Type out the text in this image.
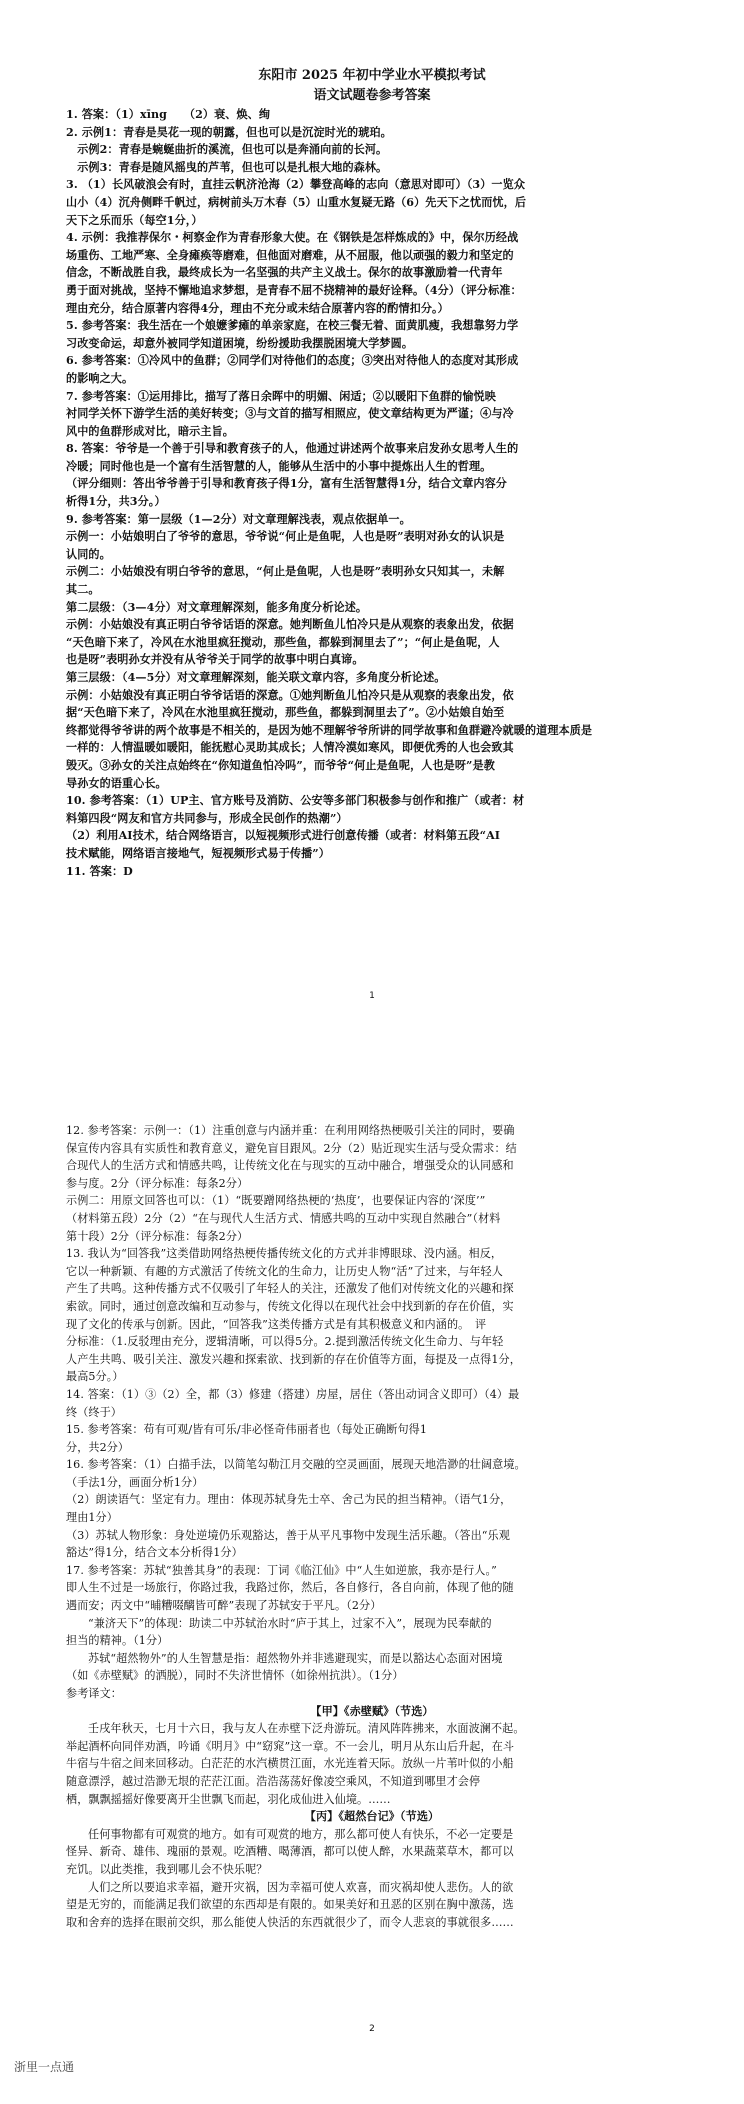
东阳市 2025 年初中学业水平模拟考试

语文试题卷参考答案

1. 答案：（1）xīng　　（2）衰、焕、绚

2. 示例1：青春是昊花一现的朝露，但也可以是沉淀时光的琥珀。

　示例2：青春是蜿蜒曲折的溪流，但也可以是奔涌向前的长河。

　示例3：青春是随风摇曳的芦苇，但也可以是扎根大地的森林。

3. （1）长风破浪会有时，直挂云帆济沧海（2）攀登高峰的志向（意思对即可）（3）一览众

山小（4）沉舟侧畔千帆过，病树前头万木春（5）山重水复疑无路（6）先天下之忧而忧，后

天下之乐而乐（每空1分，）

4. 示例：我推荐保尔・柯察金作为青春形象大使。在《钢铁是怎样炼成的》中，保尔历经战

场重伤、工地严寒、全身瘫痪等磨难，但他面对磨难，从不屈服，他以顽强的毅力和坚定的

信念，不断战胜自我，最终成长为一名坚强的共产主义战士。保尔的故事激励着一代青年

勇于面对挑战，坚持不懈地追求梦想，是青春不屈不挠精神的最好诠释。（4分）（评分标准：

理由充分，结合原著内容得4分，理由不充分或未结合原著内容的酌情扣分。）

5. 参考答案：我生活在一个娘嬷爹瘫的单亲家庭，在校三餐无着、面黄肌瘦，我想靠努力学

习改变命运，却意外被同学知道困境，纷纷援助我摆脱困境大学梦圆。

6. 参考答案：①冷风中的鱼群；②同学们对待他们的态度；③突出对待他人的态度对其形成

的影响之大。

7. 参考答案：①运用排比，描写了落日余晖中的明媚、闲适；②以暖阳下鱼群的愉悦映

衬同学关怀下游学生活的美好转变；③与文首的描写相照应，使文章结构更为严谨；④与冷

风中的鱼群形成对比，暗示主旨。

8. 答案：爷爷是一个善于引导和教育孩子的人，他通过讲述两个故事来启发孙女思考人生的

冷暖；同时他也是一个富有生活智慧的人，能够从生活中的小事中提炼出人生的哲理。

（评分细则：答出爷爷善于引导和教育孩子得1分，富有生活智慧得1分，结合文章内容分

析得1分，共3分。）

9. 参考答案：第一层级（1—2分）对文章理解浅表，观点依据单一。

示例一：小姑娘明白了爷爷的意思，爷爷说“何止是鱼呢，人也是呀”表明对孙女的认识是

认同的。

示例二：小姑娘没有明白爷爷的意思，“何止是鱼呢，人也是呀”表明孙女只知其一，未解

其二。

第二层级：（3—4分）对文章理解深刻，能多角度分析论述。

示例：小姑娘没有真正明白爷爷话语的深意。她判断鱼儿怕冷只是从观察的表象出发，依据

“天色暗下来了，冷风在水池里疯狂搅动，那些鱼，都躲到洞里去了”；“何止是鱼呢，人

也是呀”表明孙女并没有从爷爷关于同学的故事中明白真谛。

第三层级：（4—5分）对文章理解深刻，能关联文章内容，多角度分析论述。

示例：小姑娘没有真正明白爷爷话语的深意。①她判断鱼儿怕冷只是从观察的表象出发，依

据“天色暗下来了，冷风在水池里疯狂搅动，那些鱼，都躲到洞里去了”。②小姑娘自始至

终都觉得爷爷讲的两个故事是不相关的，是因为她不理解爷爷所讲的同学故事和鱼群避冷就暖的道理本质是

一样的：人情温暖如暖阳，能抚慰心灵助其成长；人情冷漠如寒风，即便优秀的人也会致其

毁灭。③孙女的关注点始终在“你知道鱼怕冷吗”，而爷爷“何止是鱼呢，人也是呀”是教

导孙女的语重心长。

10. 参考答案：（1）UP主、官方账号及消防、公安等多部门积极参与创作和推广（或者：材

料第四段“网友和官方共同参与，形成全民创作的热潮”）

（2）利用AI技术，结合网络语言，以短视频形式进行创意传播（或者：材料第五段“AI

技术赋能，网络语言接地气，短视频形式易于传播”）

11. 答案：D

1

12. 参考答案：示例一：（1）注重创意与内涵并重：在利用网络热梗吸引关注的同时，要确

保宣传内容具有实质性和教育意义，避免盲目跟风。2分（2）贴近现实生活与受众需求：结

合现代人的生活方式和情感共鸣，让传统文化在与现实的互动中融合，增强受众的认同感和

参与度。2分（评分标准：每条2分）

示例二：用原文回答也可以：（1）“既要蹭网络热梗的‘热度’，也要保证内容的‘深度’”

（材料第五段）2分（2）“在与现代人生活方式、情感共鸣的互动中实现自然融合”（材料

第十段）2分（评分标准：每条2分）

13. 我认为“回答我”这类借助网络热梗传播传统文化的方式并非博眼球、没内涵。相反，

它以一种新颖、有趣的方式激活了传统文化的生命力，让历史人物“活”了过来，与年轻人

产生了共鸣。这种传播方式不仅吸引了年轻人的关注，还激发了他们对传统文化的兴趣和探

索欲。同时，通过创意改编和互动参与，传统文化得以在现代社会中找到新的存在价值，实

现了文化的传承与创新。因此，“回答我”这类传播方式是有其积极意义和内涵的。　评

分标准：（1.反驳理由充分，逻辑清晰，可以得5分。2.提到激活传统文化生命力、与年轻

人产生共鸣、吸引关注、激发兴趣和探索欲、找到新的存在价值等方面，每提及一点得1分，

最高5分。）

14. 答案：（1）③（2）全，都（3）修建（搭建）房屋，居住（答出动词含义即可）（4）最

终（终于）

15. 参考答案：苟有可观/皆有可乐/非必怪奇伟丽者也（每处正确断句得1

分，共2分）

16. 参考答案：（1）白描手法，以简笔勾勒江月交融的空灵画面，展现天地浩渺的壮阔意境。

（手法1分，画面分析1分）

（2）朗读语气：坚定有力。理由：体现苏轼身先士卒、舍己为民的担当精神。（语气1分，

理由1分）

（3）苏轼人物形象：身处逆境仍乐观豁达，善于从平凡事物中发现生活乐趣。（答出“乐观

豁达”得1分，结合文本分析得1分）

17. 参考答案：苏轼“独善其身”的表现：丁词《临江仙》中“人生如逆旅，我亦是行人。”

即人生不过是一场旅行，你路过我，我路过你，然后，各自修行，各自向前，体现了他的随

遇而安；丙文中“晡糟啜醨皆可醉”表现了苏轼安于平凡。（2分）

“兼济天下”的体现：助读二中苏轼治水时“庐于其上，过家不入”，展现为民奉献的

担当的精神。（1分）

苏轼“超然物外”的人生智慧是指：超然物外并非逃避现实，而是以豁达心态面对困境

（如《赤壁赋》的洒脱），同时不失济世情怀（如徐州抗洪）。（1分）

参考译文：

【甲】《赤壁赋》（节选）

壬戌年秋天，七月十六日，我与友人在赤壁下泛舟游玩。清风阵阵拂来，水面波澜不起。

举起酒杯向同伴劝酒，吟诵《明月》中“窈窕”这一章。不一会儿，明月从东山后升起，在斗

牛宿与牛宿之间来回移动。白茫茫的水汽横贯江面，水光连着天际。放纵一片苇叶似的小船

随意漂浮，越过浩渺无垠的茫茫江面。浩浩荡荡好像凌空乘风，不知道到哪里才会停

栖，飘飘摇摇好像要离开尘世飘飞而起，羽化成仙进入仙境。……

【丙】《超然台记》（节选）

任何事物都有可观赏的地方。如有可观赏的地方，那么都可使人有快乐，不必一定要是

怪异、新奇、雄伟、瑰丽的景观。吃酒糟、喝薄酒，都可以使人醉，水果蔬菜草木，都可以

充饥。以此类推，我到哪儿会不快乐呢？

人们之所以要追求幸福，避开灾祸，因为幸福可使人欢喜，而灾祸却使人悲伤。人的欲

望是无穷的，而能满足我们欲望的东西却是有限的。如果美好和丑恶的区别在胸中激荡，选

取和舍弃的选择在眼前交织，那么能使人快活的东西就很少了，而令人悲哀的事就很多……

2
浙里一点通
